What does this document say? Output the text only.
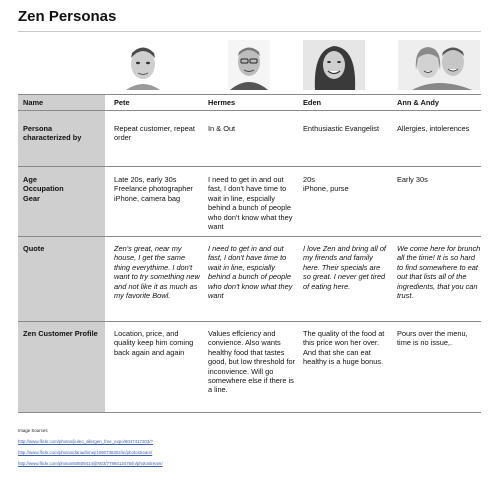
Zen Personas
Name
Persona characterized by
Age
Occupation
Gear
Quote
Zen Customer Profile
Pete
Repeat customer, repeat order
Late 20s, early 30s
Freelance photographer
iPhone, camera bag
Zen's great, near my house, I get the same thing everythime. I don't want to try something new and not like it as much as my favorite Bowl.
Location, price, and quality keep him coming back again and again
Hermes
In & Out
I need to get in and out fast, I don't have time to wait in line, espcially behind a bunch of people who don't know what they want
I need to get in and out fast, I don't have time to wait in line, espcially behind a bunch of people who don't know what they want
Values effciency and convience. Also wants healthy food that tastes good, but low threshold for inconvience. Will go somewhere else if there is a line.
Eden
Enthusiastic Evangelist
20s
iPhone, purse
I love Zen and bring all of my firends and family here. Their specials are so great. I never get tired of eating here.
The quality of the food at this price won her over. And that she can eat healthy is a huge bonus.
Ann & Andy
Allergies, intolerences
Early 30s
We come here for brunch all the time! It is so hard to find somewhere to eat out that lists all of the ingredients, that you can trust.
Pours over the menu, time is no issue,.
Image Sources
http://www.flickr.com/photos/jiuleo_allergen_free_expo/6047417203/?
http://www.flickr.com/photos/dariadrimej/1080738302/in/photostream/
http://www.flickr.com/photos/60609414@N03/7789413476/in/photostream/
